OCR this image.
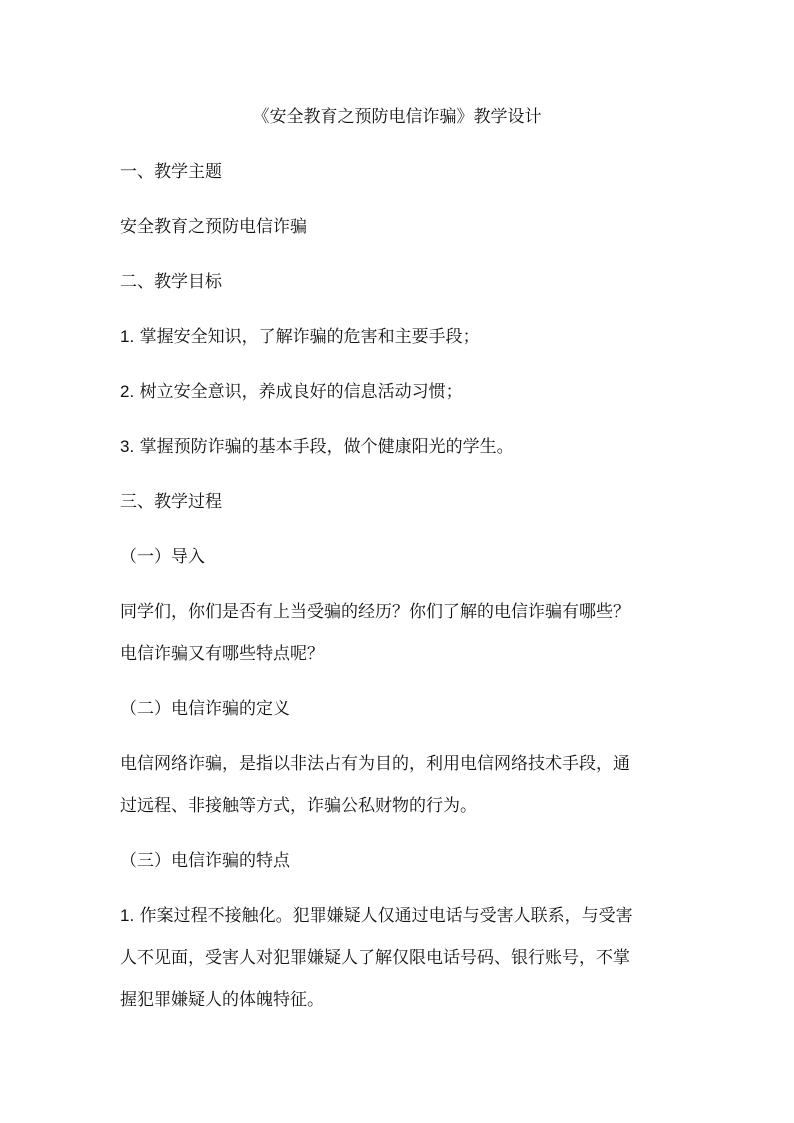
《安全教育之预防电信诈骗》教学设计

一、教学主题

安全教育之预防电信诈骗

二、教学目标

1. 掌握安全知识，了解诈骗的危害和主要手段；

2. 树立安全意识，养成良好的信息活动习惯；

3. 掌握预防诈骗的基本手段，做个健康阳光的学生。

三、教学过程

（一）导入

同学们，你们是否有上当受骗的经历？你们了解的电信诈骗有哪些？

电信诈骗又有哪些特点呢？

（二）电信诈骗的定义

电信网络诈骗，是指以非法占有为目的，利用电信网络技术手段，通

过远程、非接触等方式，诈骗公私财物的行为。

（三）电信诈骗的特点

1. 作案过程不接触化。犯罪嫌疑人仅通过电话与受害人联系，与受害

人不见面，受害人对犯罪嫌疑人了解仅限电话号码、银行账号，不掌

握犯罪嫌疑人的体魄特征。
